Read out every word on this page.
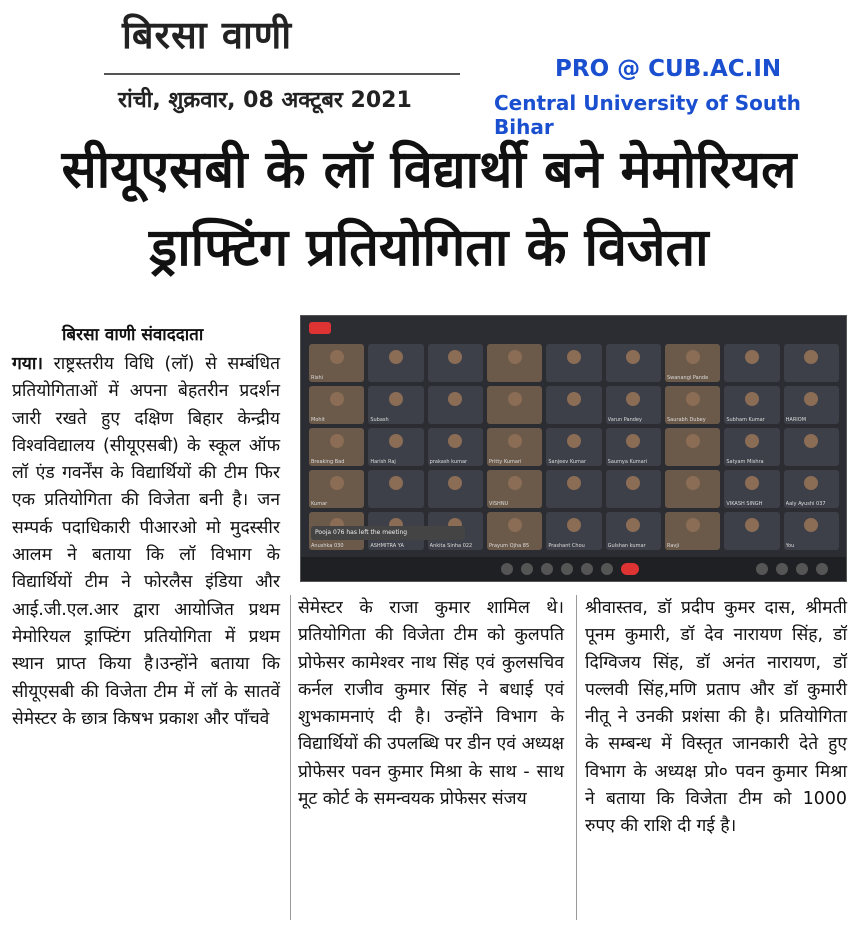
बिरसा वाणी
रांची, शुक्रवार, 08 अक्टूबर 2021
PRO @ CUB.AC.IN
Central University of South Bihar
सीयूएसबी के लॉ विद्यार्थी बने मेमोरियल
ड्राफ्टिंग प्रतियोगिता के विजेता
बिरसा वाणी संवाददाता
गया। राष्ट्रस्तरीय विधि (लॉ) से सम्बंधित प्रतियोगिताओं में अपना बेहतरीन प्रदर्शन जारी रखते हुए दक्षिण बिहार केन्द्रीय विश्वविद्यालय (सीयूएसबी) के स्कूल ऑफ लॉ एंड गवर्नेंस के विद्यार्थियों की टीम फिर एक प्रतियोगिता की विजेता बनी है। जन सम्पर्क पदाधिकारी पीआरओ मो मुदस्सीर आलम ने बताया कि लॉ विभाग के विद्यार्थियों टीम ने फोरलैस इंडिया और आई.जी.एल.आर द्वारा आयोजित प्रथम मेमोरियल ड्राफ्टिंग प्रतियोगिता में प्रथम स्थान प्राप्त किया है।उन्होंने बताया कि सीयूएसबी की विजेता टीम में लॉ के सातवें सेमेस्टर के छात्र किषभ प्रकाश और पाँचवे
सेमेस्टर के राजा कुमार शामिल थे। प्रतियोगिता की विजेता टीम को कुलपति प्रोफेसर कामेश्वर नाथ सिंह एवं कुलसचिव कर्नल राजीव कुमार सिंह ने बधाई एवं शुभकामनाएं दी है। उन्होंने विभाग के विद्यार्थियों की उपलब्धि पर डीन एवं अध्यक्ष प्रोफेसर पवन कुमार मिश्रा के साथ - साथ मूट कोर्ट के समन्वयक प्रोफेसर संजय
श्रीवास्तव, डॉ प्रदीप कुमर दास, श्रीमती पूनम कुमारी, डॉ देव नारायण सिंह, डॉ दिग्विजय सिंह, डॉ अनंत नारायण, डॉ पल्लवी सिंह,मणि प्रताप और डॉ कुमारी नीतू ने उनकी प्रशंसा की है। प्रतियोगिता के सम्बन्ध में विस्तृत जानकारी देते हुए विभाग के अध्यक्ष प्रो० पवन कुमार मिश्रा ने बताया कि विजेता टीम को 1000 रुपए की राशि दी गई है।
Rishi	Swanangi Pande
Mohit	Subash	Varun Pandey	Saurabh Dubey	Subham Kumar	HARIOM
Breaking Bad	Harish Raj	prakash kumar	Pritty Kumari	Sanjeev Kumar	Saumya Kumari	Satyam Mishra
Kumar	VISHNU	VIKASH SINGH	Aaly Ayushi 037
Anushka 030	ASHMITRA YA	Ankita Sinha 022	Prayum Ojha 85	Prashant Chou	Gulshan kumar	Ravji	You
Pooja 076 has left the meeting
